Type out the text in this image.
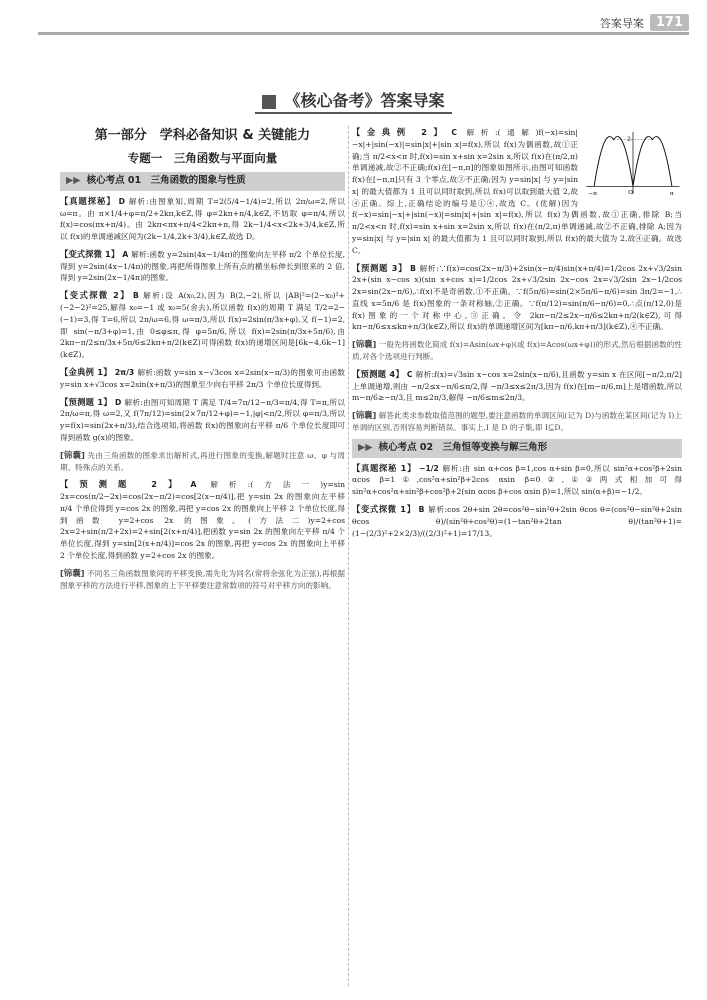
答案导案 171
《核心备考》答案导案

第一部分　学科必备知识 & 关键能力

专题一　三角函数与平面向量

▶▶ 核心考点 01　三角函数的图象与性质

【真题探秘】 D 解析:由图象知,周期 T=2(5/4−1/4)=2,所以 2π/ω=2,所以 ω=π。由 π×1/4+φ=π/2+2kπ,k∈Z,得 φ=2kπ+π/4,k∈Z,不妨取 φ=π/4,所以 f(x)=cos(πx+π/4)。由 2kπ<πx+π/4<2kπ+π,得 2k−1/4<x<2k+3/4,k∈Z,所以 f(x)的单调递减区间为(2k−1/4,2k+3/4),k∈Z,故选 D。

【变式探微 1】 A 解析:函数 y=2sin(4x−1/4π)的图象向左平移 π/2 个单位长度,得到 y=2sin(4x−1/4π)的图象,再把所得图象上所有点的横坐标伸长到原来的 2 倍,得到 y=2sin(2x−1/4π)的图象。

【变式探微 2】 B 解析:设 A(x₀,2),因为 B(2,−2),所以 |AB|²=(2−x₀)²+(−2−2)²=25,解得 x₀=−1 或 x₀=5(舍去),所以函数 f(x)的周期 T 满足 T/2=2−(−1)=3,得 T=6,所以 2π/ω=6,得 ω=π/3,所以 f(x)=2sin(π/3x+φ),又 f(−1)=2,即 sin(−π/3+φ)=1,由 0≤φ≤π,得 φ=5π/6,所以 f(x)=2sin(π/3x+5π/6),由 2kπ−π/2≤π/3x+5π/6≤2kπ+π/2(k∈Z)可得函数 f(x)的递增区间是[6k−4,6k−1](k∈Z)。

【金典例 1】 2π/3 解析:函数 y=sin x−√3cos x=2sin(x−π/3)的图象可由函数 y=sin x+√3cos x=2sin(x+π/3)的图象至少向右平移 2π/3 个单位长度得到。

【预测题 1】 D 解析:由图可知周期 T 满足 T/4=7π/12−π/3=π/4,得 T=π,所以 2π/ω=π,得 ω=2,又 f(7π/12)=sin(2×7π/12+φ)=−1,|φ|<π/2,所以 φ=π/3,所以 y=f(x)=sin(2x+π/3),结合选项知,将函数 f(x)的图象向右平移 π/6 个单位长度即可得到函数 g(x)的图象。

[锦囊] 先由三角函数的图象求出解析式,再进行图象的变换,解题时注意 ω、φ 与周期、特殊点的关系。

【预测题 2】 A 解析:(方法一)y=sin 2x=cos(π/2−2x)=cos(2x−π/2)=cos[2(x−π/4)],把 y=sin 2x 的图象向左平移 π/4 个单位得到 y=cos 2x 的图象,再把 y=cos 2x 的图象向上平移 2 个单位长度,得到函数 y=2+cos 2x 的图象。(方法二)y=2+cos 2x=2+sin(π/2+2x)=2+sin[2(x+π/4)],把函数 y=sin 2x 的图象向左平移 π/4 个单位长度,得到 y=sin[2(x+π/4)]=cos 2x 的图象,再把 y=cos 2x 的图象向上平移 2 个单位长度,得到函数 y=2+cos 2x 的图象。

[锦囊] 不同名三角函数图象间的平移变换,需先化为同名(常将余弦化为正弦),再根据图象平移的方法进行平移,图象的上下平移要注意常数项的符号对平移方向的影响。

2
O
−π	π

【金典例 2】 C 解析:(通解)f(−x)=sin|−x|+|sin(−x)|=sin|x|+|sin x|=f(x),所以 f(x)为偶函数,故①正确;当 π/2<x<π 时,f(x)=sin x+sin x=2sin x,所以 f(x)在(π/2,π)单调递减,故②不正确;f(x)在[−π,π]的图象如图所示,由图可知函数 f(x)在[−π,π]只有 3 个零点,故③不正确;因为 y=sin|x| 与 y=|sin x| 的最大值都为 1 且可以同时取到,所以 f(x)可以取到最大值 2,故④正确。综上,正确结论的编号是①④,故选 C。(优解)因为 f(−x)=sin|−x|+|sin(−x)|=sin|x|+|sin x|=f(x),所以 f(x)为偶函数,故①正确,排除 B;当 π/2<x<π 时,f(x)=sin x+sin x=2sin x,所以 f(x)在(π/2,π)单调递减,故②不正确,排除 A;因为 y=sin|x| 与 y=|sin x| 的最大值都为 1 且可以同时取到,所以 f(x)的最大值为 2,故④正确。故选 C。

【预测题 3】 B 解析:∵f(x)=cos(2x−π/3)+2sin(x−π/4)sin(x+π/4)=1/2cos 2x+√3/2sin 2x+(sin x−cos x)(sin x+cos x)=1/2cos 2x+√3/2sin 2x−cos 2x=√3/2sin 2x−1/2cos 2x=sin(2x−π/6),∴f(x)不是奇函数,①不正确。∵f(5π/6)=sin(2×5π/6−π/6)=sin 3π/2=−1,∴直线 x=5π/6 是 f(x)图象的一条对称轴,②正确。∵f(π/12)=sin(π/6−π/6)=0,∴点(π/12,0)是 f(x)图象的一个对称中心,③正确。令 2kπ−π/2≤2x−π/6≤2kπ+π/2(k∈Z),可得 kπ−π/6≤x≤kπ+π/3(k∈Z),所以 f(x)的单调递增区间为[kπ−π/6,kπ+π/3](k∈Z),④不正确。

[锦囊] 一般先将函数化简成 f(x)=Asin(ωx+φ)(或 f(x)=Acos(ωx+φ))的形式,然后根据函数的性质,对各个选项进行判断。

【预测题 4】 C 解析:f(x)=√3sin x−cos x=2sin(x−π/6),且函数 y=sin x 在区间[−π/2,π/2]上单调递增,则由 −π/2≤x−π/6≤π/2,得 −π/3≤x≤2π/3,因为 f(x)在[m−π/6,m]上是增函数,所以 m−π/6≥−π/3,且 m≤2π/3,解得 −π/6≤m≤2π/3。

[锦囊] 解答此类求参数取值范围的题型,要注意函数的单调区间(记为 D)与函数在某区间(记为 I)上单调的区别,否则容易判断错误。事实上,I 是 D 的子集,即 I⊆D。

▶▶ 核心考点 02　三角恒等变换与解三角形

【真题探秘 1】 −1/2 解析:由 sin α+cos β=1,cos α+sin β=0,所以 sin²α+cos²β+2sin αcos β=1①,cos²α+sin²β+2cos αsin β=0②,①②两式相加可得 sin²α+cos²α+sin²β+cos²β+2(sin αcos β+cos αsin β)=1,所以 sin(α+β)=−1/2。

【变式探微 1】 B 解析:cos 2θ+sin 2θ=cos²θ−sin²θ+2sin θcos θ=(cos²θ−sin²θ+2sin θcos θ)/(sin²θ+cos²θ)=(1−tan²θ+2tan θ)/(tan²θ+1)=(1−(2/3)²+2×2/3)/((2/3)²+1)=17/13。
